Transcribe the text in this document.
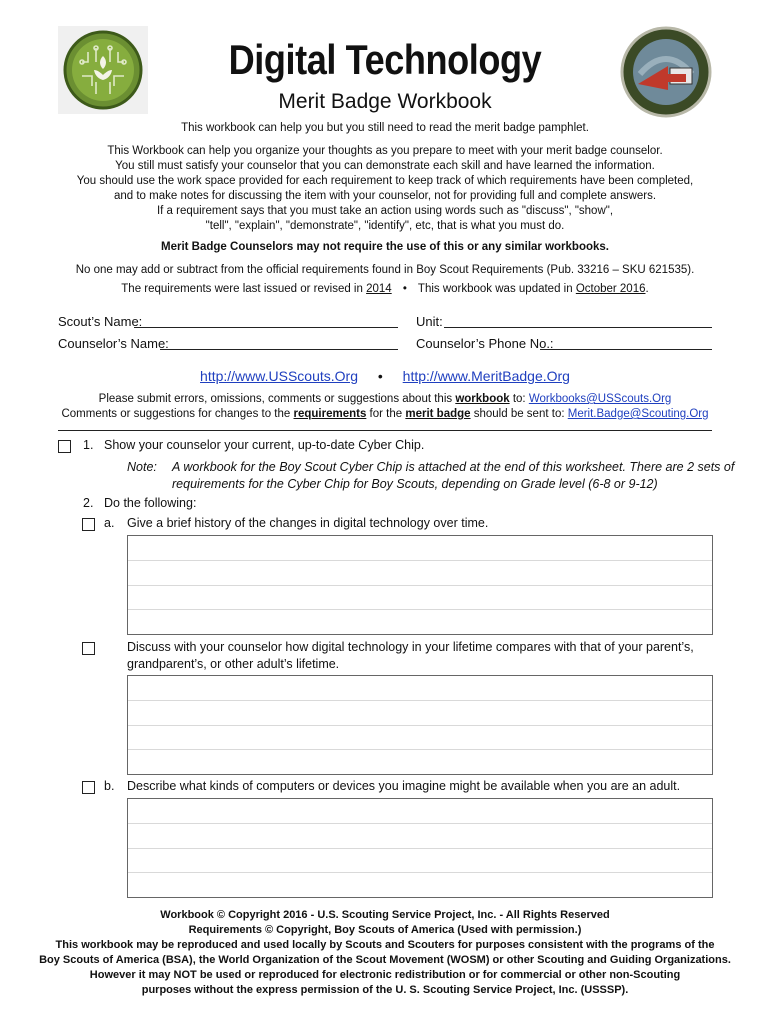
Digital Technology
Merit Badge Workbook
This workbook can help you but you still need to read the merit badge pamphlet.
This Workbook can help you organize your thoughts as you prepare to meet with your merit badge counselor.
You still must satisfy your counselor that you can demonstrate each skill and have learned the information.
You should use the work space provided for each requirement to keep track of which requirements have been completed,
and to make notes for discussing the item with your counselor, not for providing full and complete answers.
If a requirement says that you must take an action using words such as "discuss", "show",
"tell", "explain", "demonstrate", "identify", etc, that is what you must do.
Merit Badge Counselors may not require the use of this or any similar workbooks.
No one may add or subtract from the official requirements found in Boy Scout Requirements (Pub. 33216 – SKU 621535).
The requirements were last issued or revised in 2014 • This workbook was updated in October 2016.
Scout’s Name:	Unit:
Counselor’s Name:	Counselor’s Phone No.:
http://www.USScouts.Org • http://www.MeritBadge.Org
Please submit errors, omissions, comments or suggestions about this workbook to: Workbooks@USScouts.Org
Comments or suggestions for changes to the requirements for the merit badge should be sent to: Merit.Badge@Scouting.Org
1. Show your counselor your current, up-to-date Cyber Chip.
Note: A workbook for the Boy Scout Cyber Chip is attached at the end of this worksheet. There are 2 sets of
requirements for the Cyber Chip for Boy Scouts, depending on Grade level (6-8 or 9-12)
2. Do the following:
a. Give a brief history of the changes in digital technology over time.
Discuss with your counselor how digital technology in your lifetime compares with that of your parent’s,
grandparent’s, or other adult’s lifetime.
b. Describe what kinds of computers or devices you imagine might be available when you are an adult.
Workbook © Copyright 2016 - U.S. Scouting Service Project, Inc. - All Rights Reserved
Requirements © Copyright, Boy Scouts of America (Used with permission.)
This workbook may be reproduced and used locally by Scouts and Scouters for purposes consistent with the programs of the
Boy Scouts of America (BSA), the World Organization of the Scout Movement (WOSM) or other Scouting and Guiding Organizations.
However it may NOT be used or reproduced for electronic redistribution or for commercial or other non-Scouting
purposes without the express permission of the U. S. Scouting Service Project, Inc. (USSSP).
